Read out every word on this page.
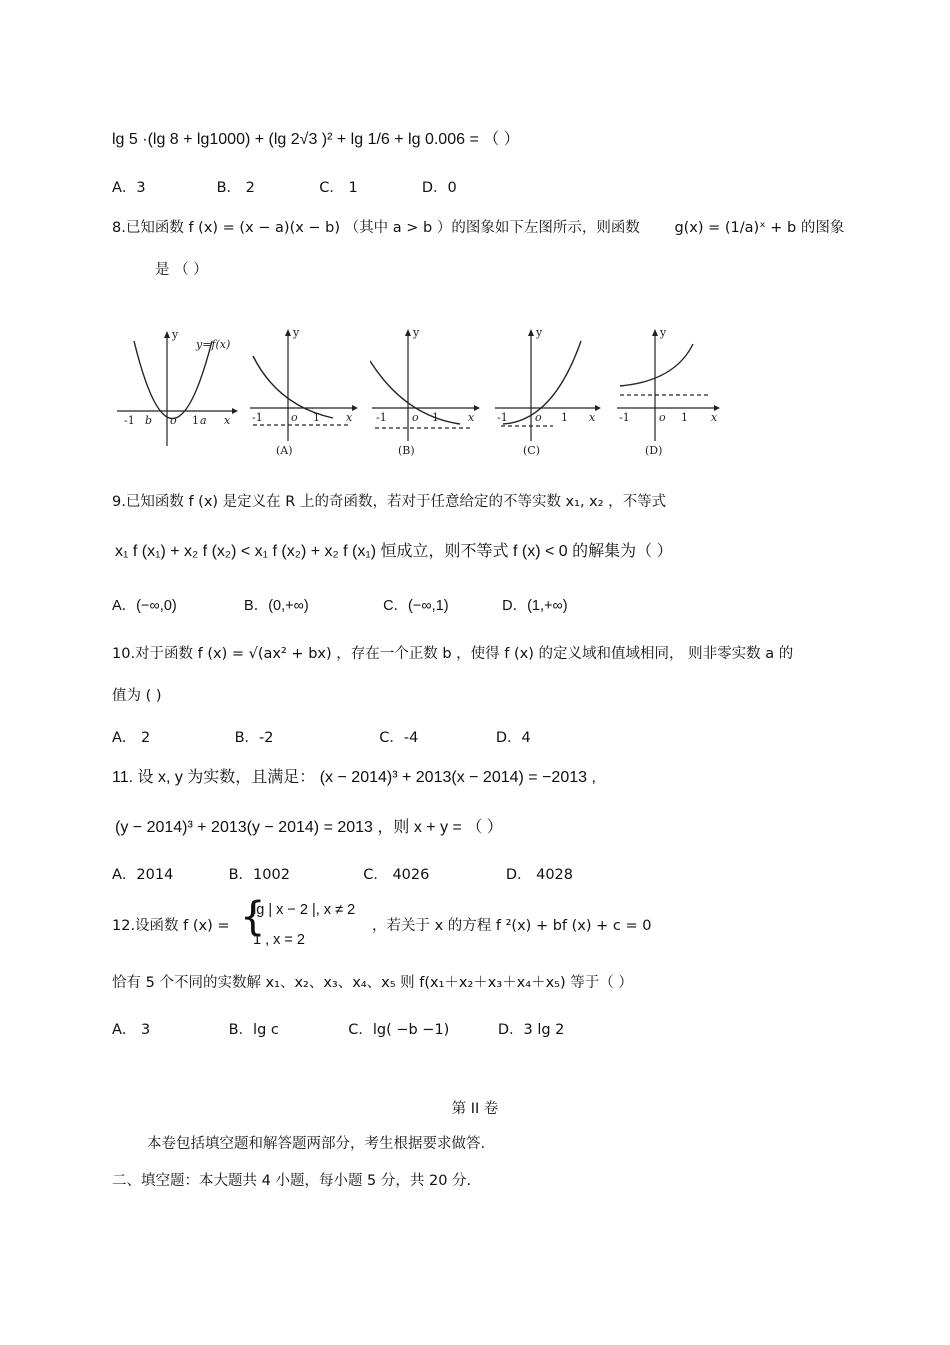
lg 5 ·(lg 8 + lg1000) + (lg 2√3 )² + lg 1/6 + lg 0.006 = （ ）
A．3	B． 2	C． 1	D．0
8.已知函数 f (x) = (x − a)(x − b) （其中 a > b ）的图象如下左图所示，则函数 g(x) = (1/a)ˣ + b 的图象
是 （ ）
y
y=f(x)
-1 b o 1 a x
y
-1	o 1 x
(A)
y
-1 o 1	x
(B)
y
-1 o 1 x
(C)
y
-1	o 1 x
(D)
9.已知函数 f (x) 是定义在 R 上的奇函数，若对于任意给定的不等实数 x₁, x₂ ，不等式
x₁ f (x₁) + x₂ f (x₂) < x₁ f (x₂) + x₂ f (x₁) 恒成立，则不等式 f (x) < 0 的解集为（ ）
A．(−∞,0)	B．(0,+∞)	C．(−∞,1)	D．(1,+∞)
10.对于函数 f (x) = √(ax² + bx) ，存在一个正数 b ，使得 f (x) 的定义域和值域相同， 则非零实数 a 的
值为 ( )
A． 2	B．-2	C．-4	D．4
11. 设 x, y 为实数，且满足： (x − 2014)³ + 2013(x − 2014) = −2013 ,
(y − 2014)³ + 2013(y − 2014) = 2013 ，则 x + y = （ ）
A．2014	B．1002	C． 4026	D． 4028
12.设函数 f (x) = {
lg | x − 2 |, x ≠ 2
1 , x = 2
，若关于 x 的方程 f ²(x) + bf (x) + c = 0
恰有 5 个不同的实数解 x₁、x₂、x₃、x₄、x₅ 则 f(x₁＋x₂＋x₃＋x₄＋x₅) 等于（ ）
A． 3	B．lg c	C．lg( −b −1)	D．3 lg 2
第 II 卷
本卷包括填空题和解答题两部分，考生根据要求做答.
二、填空题：本大题共 4 小题，每小题 5 分，共 20 分.
